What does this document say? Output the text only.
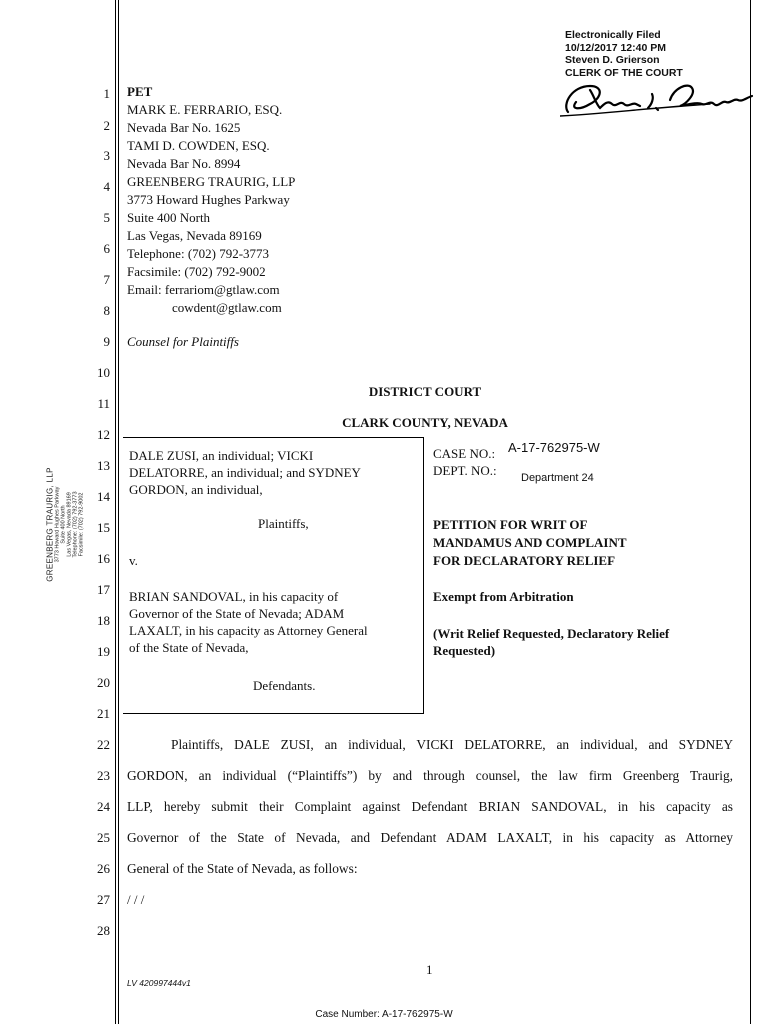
Electronically Filed
10/12/2017 12:40 PM
Steven D. Grierson
CLERK OF THE COURT
1
2
3
4
5
6
7
8
9
10
11
12
13
14
15
16
17
18
19
20
21
22
23
24
25
26
27
28
GREENBERG TRAURIG, LLP 3773 Howard Hughes Parkway Suite 400 North Las Vegas, Nevada 89169 Telephone: (702) 792-3773 Facsimile: (702) 792-9002
PET
MARK E. FERRARIO, ESQ.
Nevada Bar No. 1625
TAMI D. COWDEN, ESQ.
Nevada Bar No. 8994
GREENBERG TRAURIG, LLP
3773 Howard Hughes Parkway
Suite 400 North
Las Vegas, Nevada 89169
Telephone: (702) 792-3773
Facsimile: (702) 792-9002
Email: ferrariom@gtlaw.com
cowdent@gtlaw.com
Counsel for Plaintiffs
DISTRICT COURT
CLARK COUNTY, NEVADA
DALE ZUSI, an individual; VICKI
DELATORRE, an individual; and SYDNEY
GORDON, an individual,
Plaintiffs,
v.
BRIAN SANDOVAL, in his capacity of
Governor of the State of Nevada; ADAM
LAXALT, in his capacity as Attorney General
of the State of Nevada,
Defendants.
CASE NO.: A-17-762975-W
DEPT. NO.: Department 24
PETITION FOR WRIT OF
MANDAMUS AND COMPLAINT
FOR DECLARATORY RELIEF
Exempt from Arbitration
(Writ Relief Requested, Declaratory Relief
Requested)
Plaintiffs, DALE ZUSI, an individual, VICKI DELATORRE, an individual, and SYDNEY
GORDON, an individual (“Plaintiffs”) by and through counsel, the law firm Greenberg Traurig,
LLP, hereby submit their Complaint against Defendant BRIAN SANDOVAL, in his capacity as
Governor of the State of Nevada, and Defendant ADAM LAXALT, in his capacity as Attorney
General of the State of Nevada, as follows:
/ / /
1
LV 420997444v1
Case Number: A-17-762975-W
